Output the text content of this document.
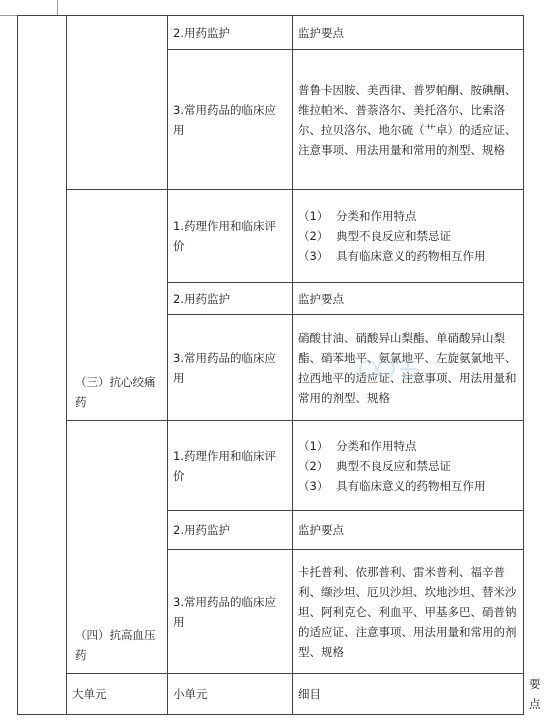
		2.用药监护	监护要点	
		3.常用药品的临床应用	普鲁卡因胺、美西律、普罗帕酮、胺碘酮、维拉帕米、普萘洛尔、美托洛尔、比索洛尔、拉贝洛尔、地尔硫（艹卓）的适应证、注意事项、用法用量和常用的剂型、规格	
	（三）抗心绞痛药	1.药理作用和临床评价	（1） 分类和作用特点
（2） 典型不良反应和禁忌证
（3） 具有临床意义的药物相互作用	

		2.用药监护	监护要点	
		3.常用药品的临床应用	硝酸甘油、硝酸异山梨酯、单硝酸异山梨酯、硝苯地平、氨氯地平、左旋氨氯地平、拉西地平的适应证、注意事项、用法用量和常用的剂型、规格	
	（四）抗高血压药	1.药理作用和临床评价	（1） 分类和作用特点
（2） 典型不良反应和禁忌证
（3） 具有临床意义的药物相互作用	

		2.用药监护	监护要点	
		3.常用药品的临床应用	卡托普利、依那普利、雷米普利、福辛普利、缬沙坦、厄贝沙坦、坎地沙坦、替米沙坦、阿利克仑、利血平、甲基多巴、硝普钠的适应证、注意事项、用法用量和常用的剂型、规格	
	大单元	小单元	细目	要点
